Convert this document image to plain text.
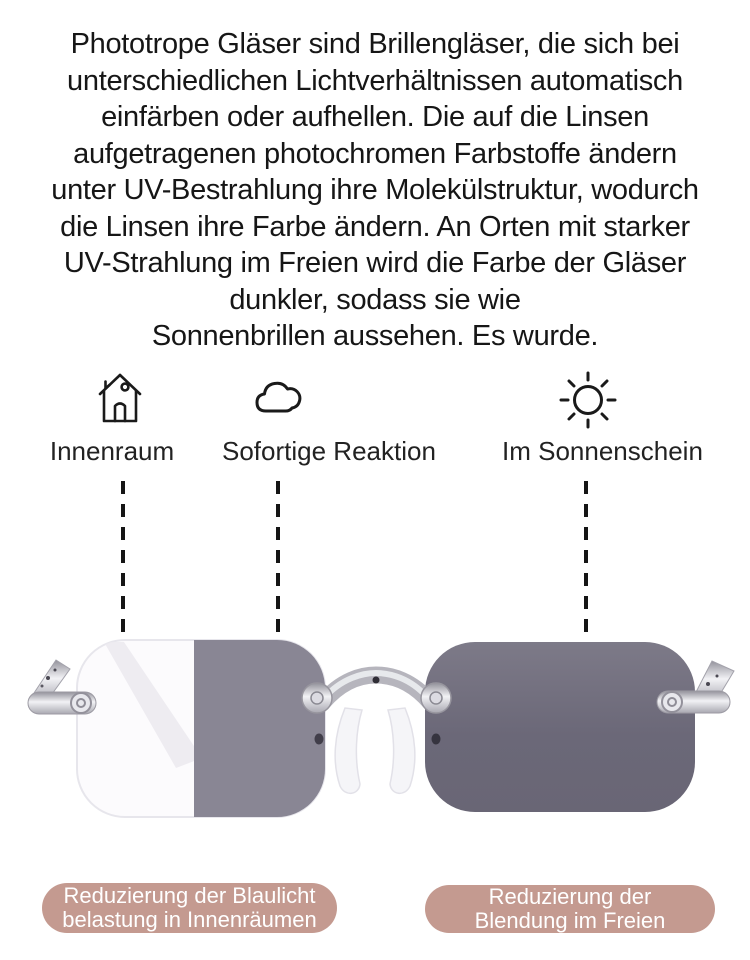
Phototrope Gläser sind Brillengläser, die sich bei
unterschiedlichen Lichtverhältnissen automatisch
einfärben oder aufhellen. Die auf die Linsen
aufgetragenen photochromen Farbstoffe ändern
unter UV-Bestrahlung ihre Molekülstruktur, wodurch
die Linsen ihre Farbe ändern. An Orten mit starker
UV-Strahlung im Freien wird die Farbe der Gläser
dunkler, sodass sie wie
Sonnenbrillen aussehen. Es wurde.
Innenraum	Sofortige Reaktion	Im Sonnenschein
Reduzierung der Blaulicht
belastung in Innenräumen
Reduzierung der
Blendung im Freien
